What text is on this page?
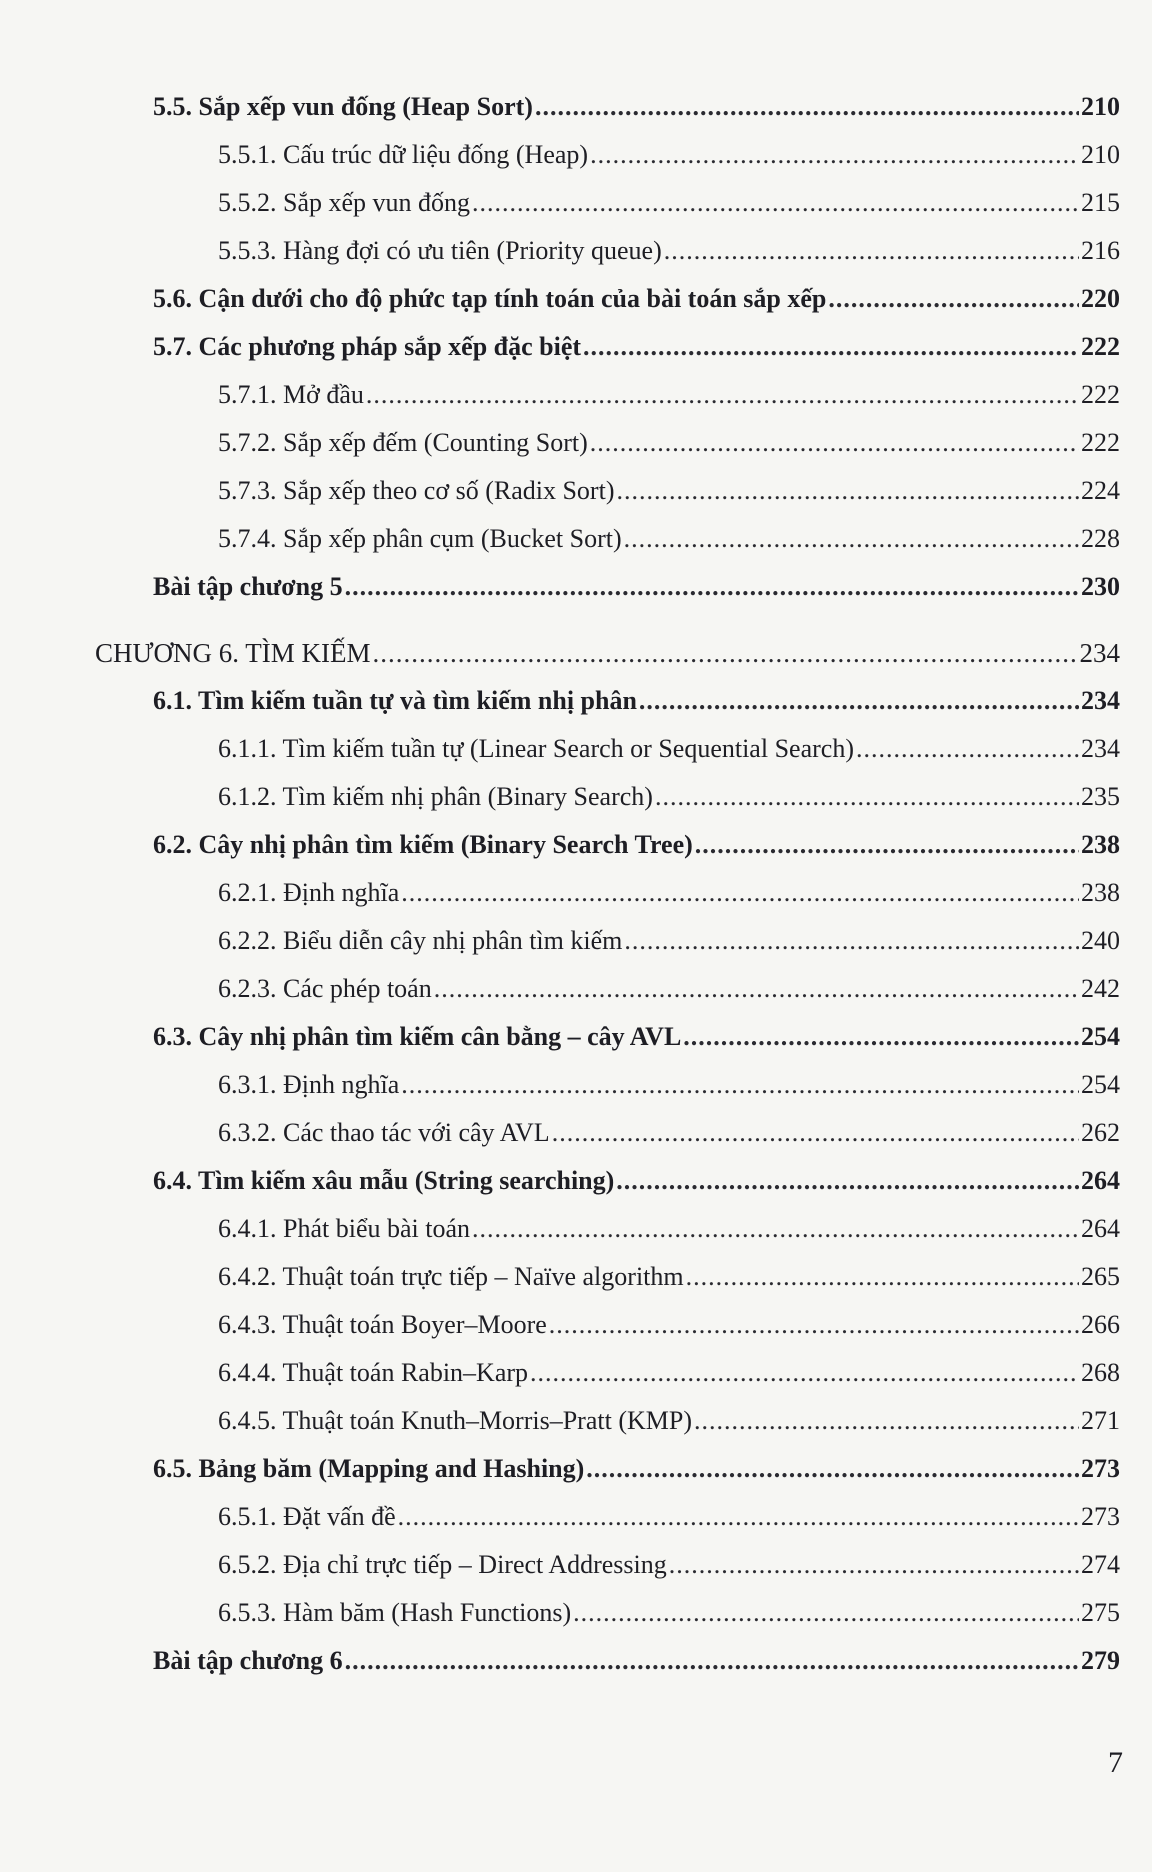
5.5. Sắp xếp vun đống (Heap Sort) .....	210
5.5.1. Cấu trúc dữ liệu đống (Heap) .....	210
5.5.2. Sắp xếp vun đống .....	215
5.5.3. Hàng đợi có ưu tiên (Priority queue) .....	216
5.6. Cận dưới cho độ phức tạp tính toán của bài toán sắp xếp .....	220
5.7. Các phương pháp sắp xếp đặc biệt .....	222
5.7.1. Mở đầu .....	222
5.7.2. Sắp xếp đếm (Counting Sort) .....	222
5.7.3. Sắp xếp theo cơ số (Radix Sort) .....	224
5.7.4. Sắp xếp phân cụm (Bucket Sort) .....	228
Bài tập chương 5 .....	230
CHƯƠNG 6. TÌM KIẾM .....	234
6.1. Tìm kiếm tuần tự và tìm kiếm nhị phân .....	234
6.1.1. Tìm kiếm tuần tự (Linear Search or Sequential Search) .....	234
6.1.2. Tìm kiếm nhị phân (Binary Search) .....	235
6.2. Cây nhị phân tìm kiếm (Binary Search Tree) .....	238
6.2.1. Định nghĩa .....	238
6.2.2. Biểu diễn cây nhị phân tìm kiếm .....	240
6.2.3. Các phép toán .....	242
6.3. Cây nhị phân tìm kiếm cân bằng – cây AVL .....	254
6.3.1. Định nghĩa .....	254
6.3.2. Các thao tác với cây AVL .....	262
6.4. Tìm kiếm xâu mẫu (String searching) .....	264
6.4.1. Phát biểu bài toán .....	264
6.4.2. Thuật toán trực tiếp – Naïve algorithm .....	265
6.4.3. Thuật toán Boyer–Moore .....	266
6.4.4. Thuật toán Rabin–Karp .....	268
6.4.5. Thuật toán Knuth–Morris–Pratt (KMP) .....	271
6.5. Bảng băm (Mapping and Hashing) .....	273
6.5.1. Đặt vấn đề .....	273
6.5.2. Địa chỉ trực tiếp – Direct Addressing .....	274
6.5.3. Hàm băm (Hash Functions) .....	275
Bài tập chương 6 .....	279
7
